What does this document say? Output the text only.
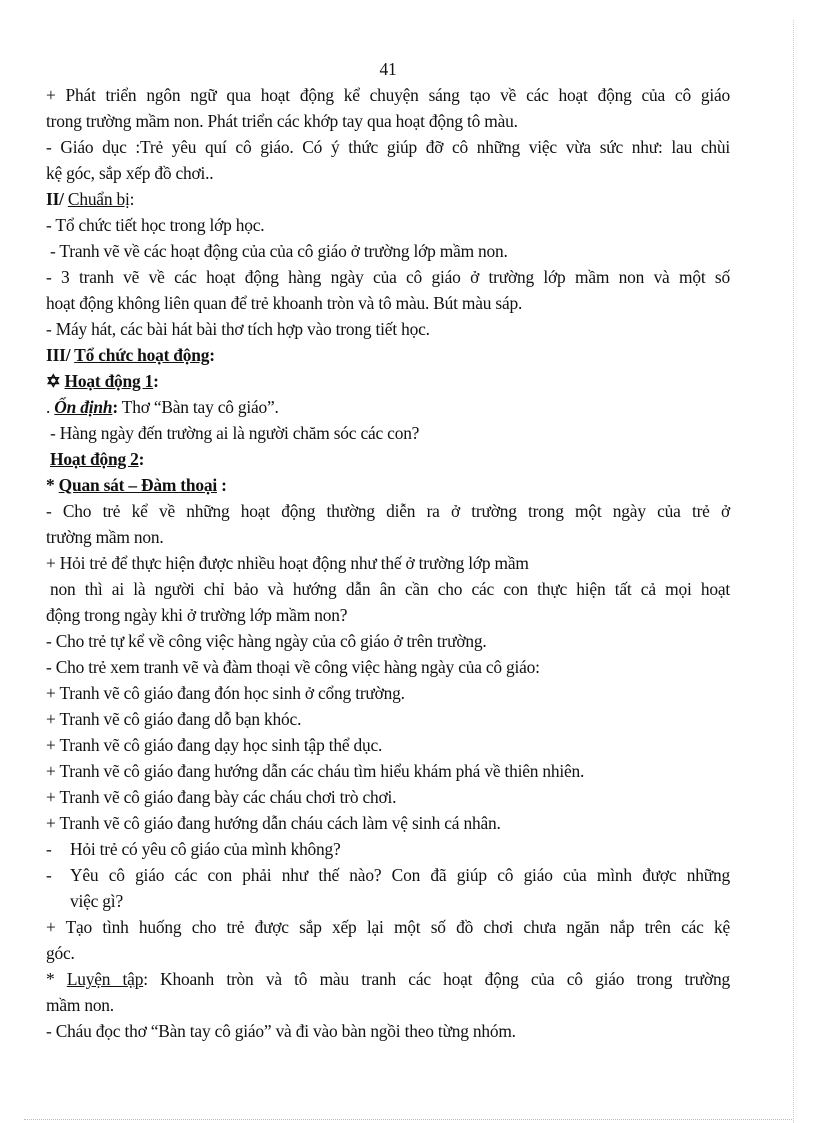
41
+ Phát triển ngôn ngữ qua hoạt động kể chuyện sáng tạo về các hoạt động của cô giáo
trong trường mầm non. Phát triển các khớp tay qua hoạt động tô màu.
- Giáo dục :Trẻ yêu quí cô giáo. Có ý thức giúp đỡ cô những việc vừa sức như: lau chùi
kệ góc, sắp xếp đồ chơi..
II/ Chuẩn bị:
- Tổ chức tiết học trong lớp học.
- Tranh vẽ về các hoạt động của của cô giáo ở trường lớp mầm non.
- 3 tranh vẽ về các hoạt động hàng ngày của cô giáo ở trường lớp mầm non và một số
hoạt động không liên quan để trẻ khoanh tròn và tô màu. Bút màu sáp.
- Máy hát, các bài hát bài thơ tích hợp vào trong tiết học.
III/ Tổ chức hoạt động:
✡ Hoạt động 1:
. Ổn định: Thơ “Bàn tay cô giáo”.
- Hàng ngày đến trường ai là người chăm sóc các con?
Hoạt động 2:
* Quan sát – Đàm thoại :
- Cho trẻ kể về những hoạt động thường diễn ra ở trường trong một ngày của trẻ ở
trường mầm non.
+ Hỏi trẻ để thực hiện được nhiều hoạt động như thế ở trường lớp mầm
non thì ai là người chỉ bảo và hướng dẫn ân cần cho các con thực hiện tất cả mọi hoạt
động trong ngày khi ở trường lớp mầm non?
- Cho trẻ tự kể về công việc hàng ngày của cô giáo ở trên trường.
- Cho trẻ xem tranh vẽ và đàm thoại về công việc hàng ngày của cô giáo:
+ Tranh vẽ cô giáo đang đón học sinh ở cổng trường.
+ Tranh vẽ cô giáo đang dỗ bạn khóc.
+ Tranh vẽ cô giáo đang dạy học sinh tập thể dục.
+ Tranh vẽ cô giáo đang hướng dẫn các cháu tìm hiểu khám phá về thiên nhiên.
+ Tranh vẽ cô giáo đang bày các cháu chơi trò chơi.
+ Tranh vẽ cô giáo đang hướng dẫn cháu cách làm vệ sinh cá nhân.
-	Hỏi trẻ có yêu cô giáo của mình không?
-	Yêu cô giáo các con phải như thế nào? Con đã giúp cô giáo của mình được những
việc gì?
+ Tạo tình huống cho trẻ được sắp xếp lại một số đồ chơi chưa ngăn nắp trên các kệ
góc.
* Luyện tập: Khoanh tròn và tô màu tranh các hoạt động của cô giáo trong trường
mầm non.
- Cháu đọc thơ “Bàn tay cô giáo” và đi vào bàn ngồi theo từng nhóm.
